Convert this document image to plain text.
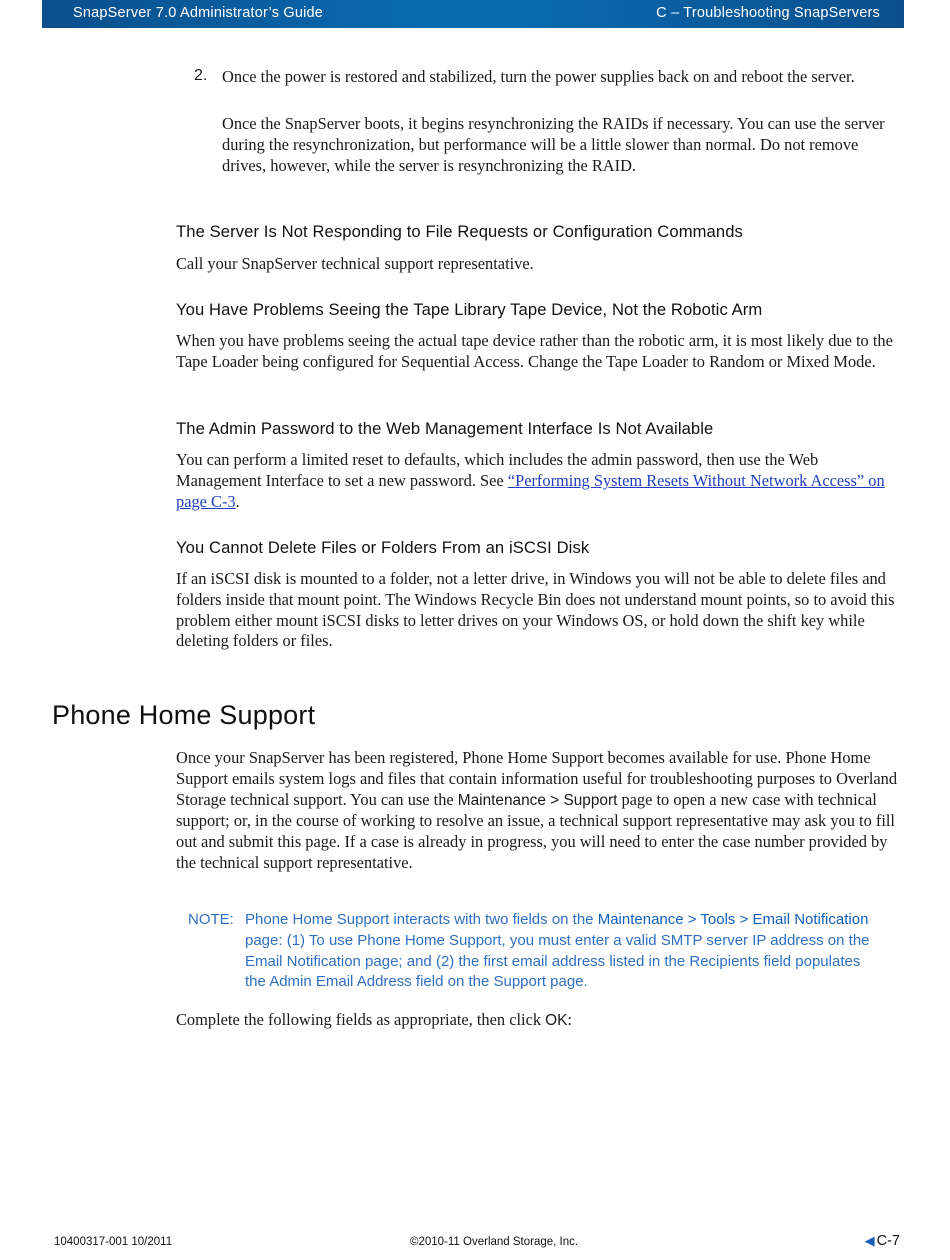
SnapServer 7.0 Administrator’s Guide	C – Troubleshooting SnapServers
2. Once the power is restored and stabilized, turn the power supplies back on and reboot the server.
Once the SnapServer boots, it begins resynchronizing the RAIDs if necessary. You can use the server during the resynchronization, but performance will be a little slower than normal. Do not remove drives, however, while the server is resynchronizing the RAID.
The Server Is Not Responding to File Requests or Configuration Commands
Call your SnapServer technical support representative.
You Have Problems Seeing the Tape Library Tape Device, Not the Robotic Arm
When you have problems seeing the actual tape device rather than the robotic arm, it is most likely due to the Tape Loader being configured for Sequential Access. Change the Tape Loader to Random or Mixed Mode.
The Admin Password to the Web Management Interface Is Not Available
You can perform a limited reset to defaults, which includes the admin password, then use the Web Management Interface to set a new password. See “Performing System Resets Without Network Access” on page C-3.
You Cannot Delete Files or Folders From an iSCSI Disk
If an iSCSI disk is mounted to a folder, not a letter drive, in Windows you will not be able to delete files and folders inside that mount point. The Windows Recycle Bin does not understand mount points, so to avoid this problem either mount iSCSI disks to letter drives on your Windows OS, or hold down the shift key while deleting folders or files.
Phone Home Support
Once your SnapServer has been registered, Phone Home Support becomes available for use. Phone Home Support emails system logs and files that contain information useful for troubleshooting purposes to Overland Storage technical support. You can use the Maintenance > Support page to open a new case with technical support; or, in the course of working to resolve an issue, a technical support representative may ask you to fill out and submit this page. If a case is already in progress, you will need to enter the case number provided by the technical support representative.
NOTE: Phone Home Support interacts with two fields on the Maintenance > Tools > Email Notification page: (1) To use Phone Home Support, you must enter a valid SMTP server IP address on the Email Notification page; and (2) the first email address listed in the Recipients field populates the Admin Email Address field on the Support page.
Complete the following fields as appropriate, then click OK:
10400317-001 10/2011	©2010-11 Overland Storage, Inc.	◀ C-7
